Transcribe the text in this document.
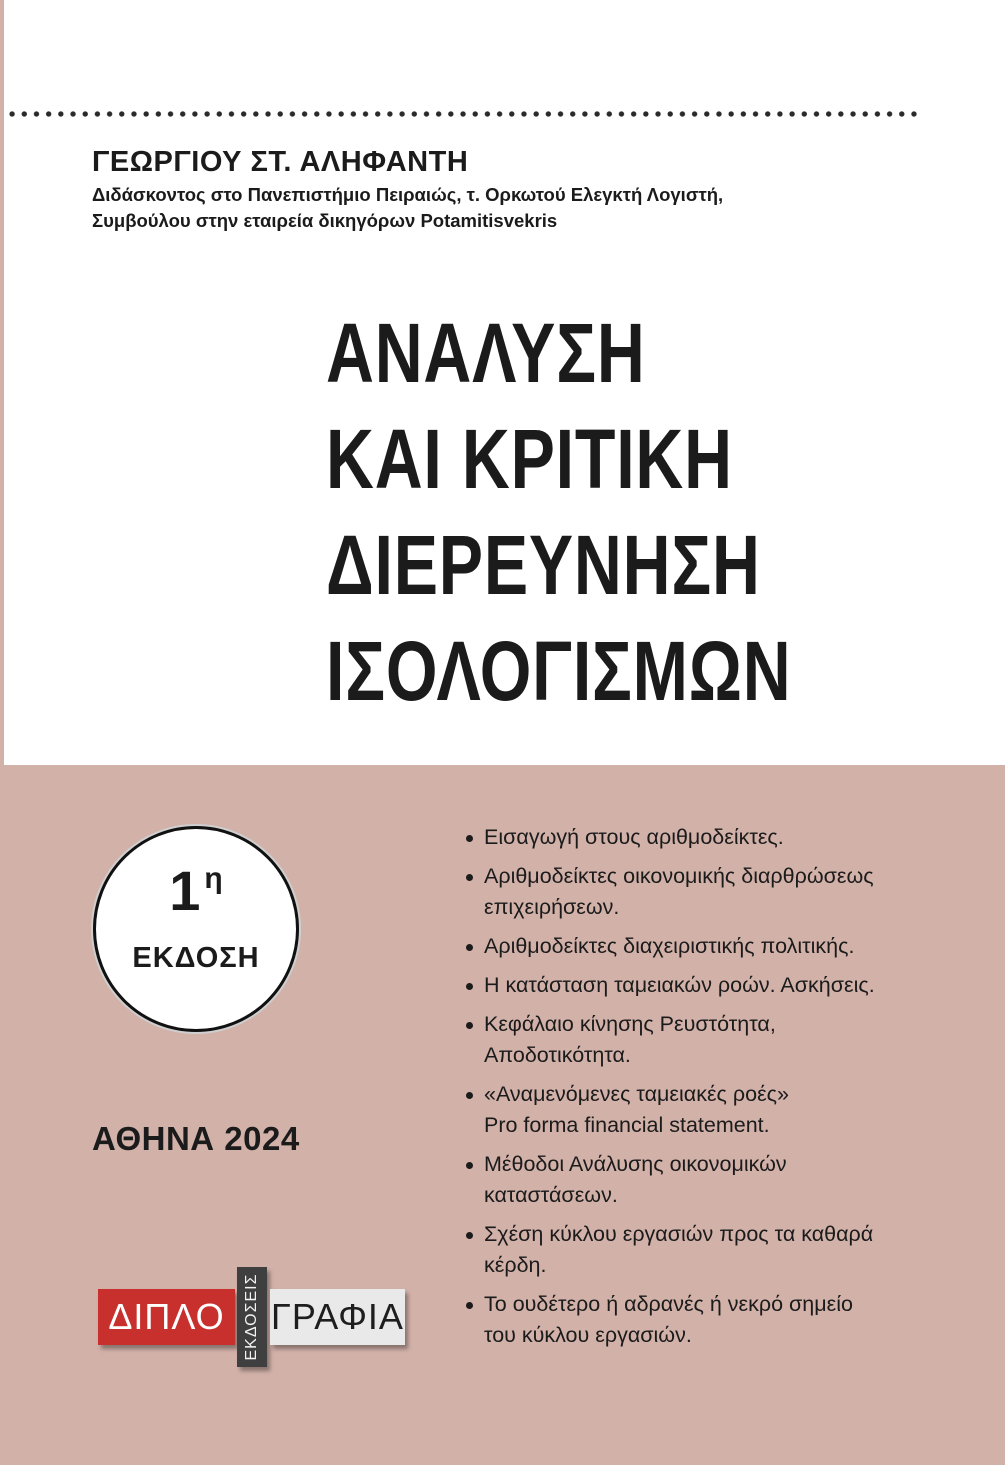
ΓΕΩΡΓΙΟΥ ΣΤ. ΑΛΗΦΑΝΤΗ

Διδάσκοντος στο Πανεπιστήμιο Πειραιώς, τ. Ορκωτού Ελεγκτή Λογιστή,

Συμβούλου στην εταιρεία δικηγόρων Potamitisvekris

ΑΝΑΛΥΣΗ
ΚΑΙ ΚΡΙΤΙΚΗ
ΔΙΕΡΕΥΝΗΣΗ
ΙΣΟΛΟΓΙΣΜΩΝ
1 $^\eta$
ΕΚΔΟΣΗ

ΑΘΗΝΑ 2024

ΔΙΠΛΟ	ΕΚΔΟΣΕΙΣ ΓΡΑΦΙΑ
Εισαγωγή στους αριθμοδείκτες.
Αριθμοδείκτες οικονομικής διαρθρώσεως
επιχειρήσεων.
Αριθμοδείκτες διαχειριστικής πολιτικής.
Η κατάσταση ταμειακών ροών. Ασκήσεις.
Κεφάλαιο κίνησης Ρευστότητα,
Αποδοτικότητα.
«Αναμενόμενες ταμειακές ροές»
Pro forma financial statement.
Μέθοδοι Ανάλυσης οικονομικών
καταστάσεων.
Σχέση κύκλου εργασιών προς τα καθαρά
κέρδη.
Το ουδέτερο ή αδρανές ή νεκρό σημείο
του κύκλου εργασιών.
